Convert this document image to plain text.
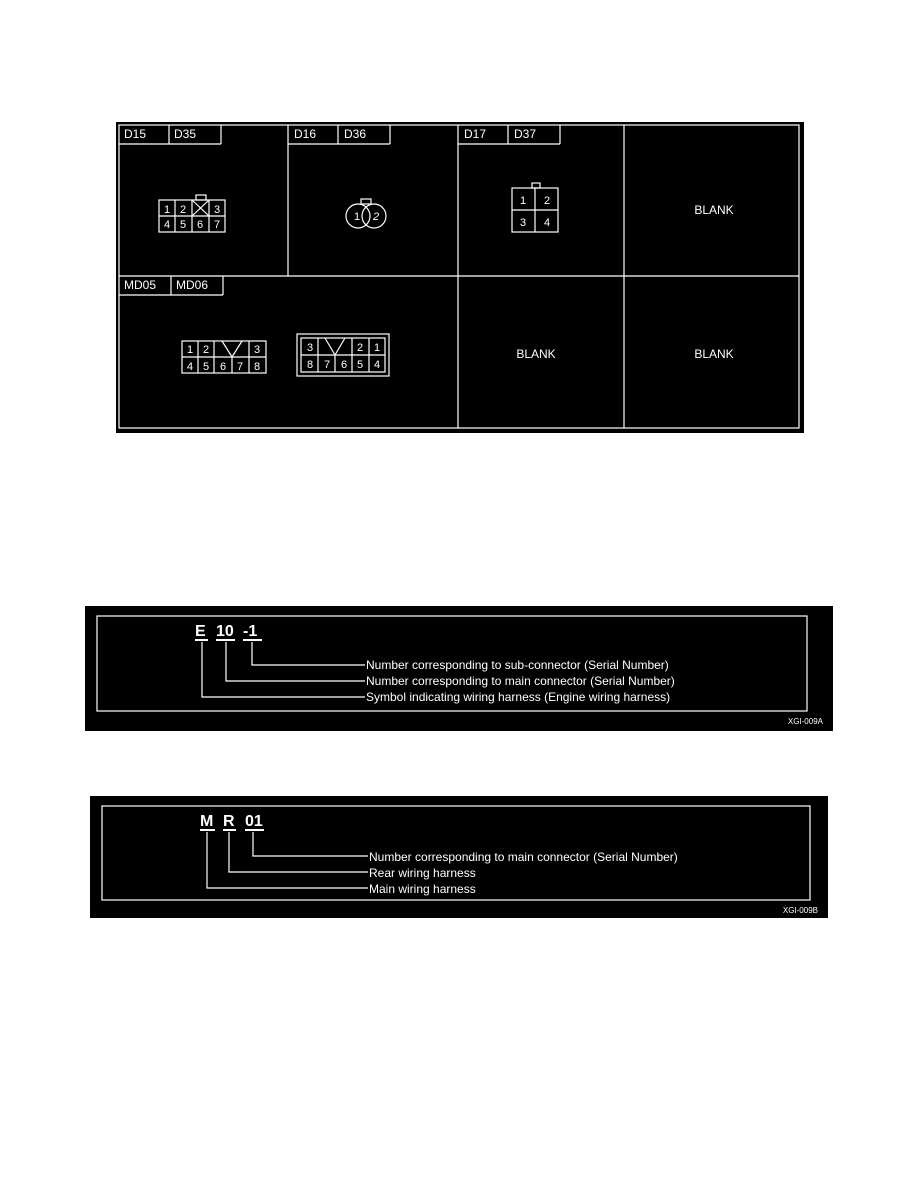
D15 D35
1 2	3
4 5 6 7
D16 D36
1 2
D17 D37
1 2
3 4
BLANK
BLANK	BLANK
MD05 MD06
1 2	3
4 5 6 7 8
3	2 1
8 7 6 5 4
E 10 -1
Number corresponding to sub-connector (Serial Number)
Number corresponding to main connector (Serial Number)
Symbol indicating wiring harness (Engine wiring harness)
XGI-009A
M R 01
Number corresponding to main connector (Serial Number)
Rear wiring harness
Main wiring harness
XGI-009B
